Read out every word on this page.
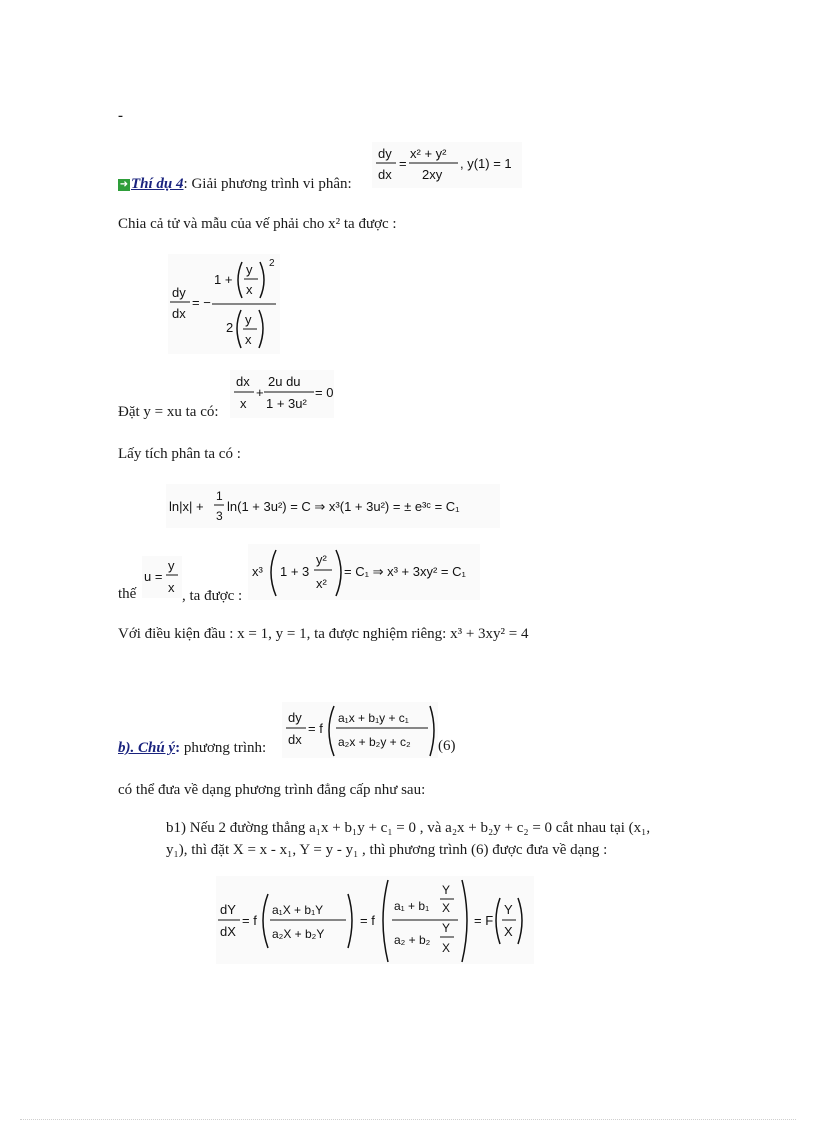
-
➜ Thí dụ 4: Giải phương trình vi phân:
dy
dx
=
x² + y²
2xy
, y(1) = 1
Chia cả tử và mẫu của vế phải cho x² ta được :
dy
dx
= −
1 +
y
x
2
2
y
x
Đặt y = xu ta có:
dx
x
+
2u du
1 + 3u²
= 0
Lấy tích phân ta có :
ln|x| +
1
3
ln(1 + 3u²) = C ⇒ x³(1 + 3u²) = ± e³ᶜ = C₁
thế
u =
y
x
, ta được :
x³ 1 + 3
y²
x²
= C₁ ⇒ x³ + 3xy² = C₁
Với điều kiện đầu : x = 1, y = 1, ta được nghiệm riêng: x³ + 3xy² = 4
b). Chú ý: phương trình:
dy
dx
= f
a₁x + b₁y + c₁
a₂x + b₂y + c₂ (6)
có thể đưa về dạng phương trình đẳng cấp như sau:
b1) Nếu 2 đường thẳng a₁x + b₁y + c₁ = 0 , và a₂x + b₂y + c₂ = 0 cắt nhau tại (x₁,
y₁), thì đặt X = x - x₁, Y = y - y₁ , thì phương trình (6) được đưa về dạng :
dY
dX
= f
a₁X + b₁Y
a₂X + b₂Y
= f
a₁ + b₁
Y
X
a₂ + b₂
Y
X
= F
Y
X
